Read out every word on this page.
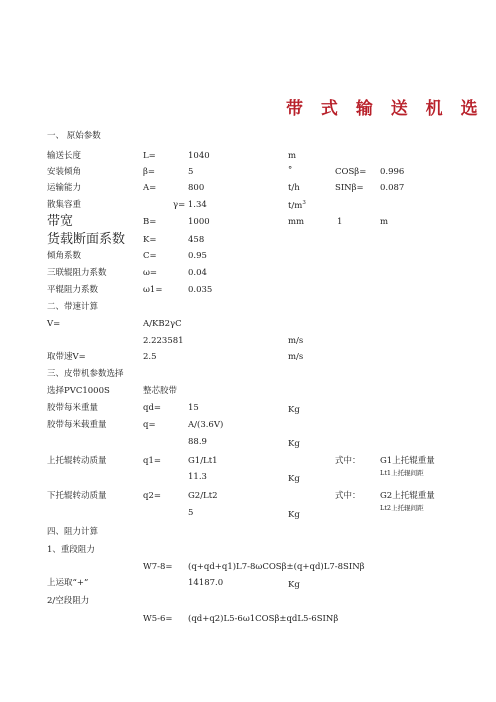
带 式 输 送 机 选
一、 原始参数
输送长度	L=	1040	m
安装倾角	β=	5	°	COSβ= 0.996
运输能力	A=	800	t/h	SINβ= 0.087
散集容重	γ= 1.34	$t/m^3$
带宽	B=	1000	mm	1	m
货载断面系数 K=	458
倾角系数	C=	0.95
三联辊阻力系数	ω=	0.04
平辊阻力系数	ω1=	0.035
二、带速计算
V=	A/KB2γC
2.223581	m/s
取带速V=	2.5	m/s
三、皮带机参数选择
选择PVC1000S	整芯胶带
胶带每米重量	qd=	15	Kg
胶带每米载重量	q=	A/(3.6V)
88.9	Kg
上托辊转动质量	q1=	G1/Lt1	式中： G1上托辊重量
11.3	Kg
Lt1上托辊间距
下托辊转动质量	q2=	G2/Lt2	式中： G2上托辊重量
5	Kg
Lt2上托辊间距
四、阻力计算
1、重段阻力
W7-8= (q+qd+q1)L7-8ωCOSβ±(q+qd)L7-8SINβ
上运取“+”	14187.0	Kg
2/空段阻力
W5-6= (qd+q2)L5-6ω1COSβ±qdL5-6SINβ
